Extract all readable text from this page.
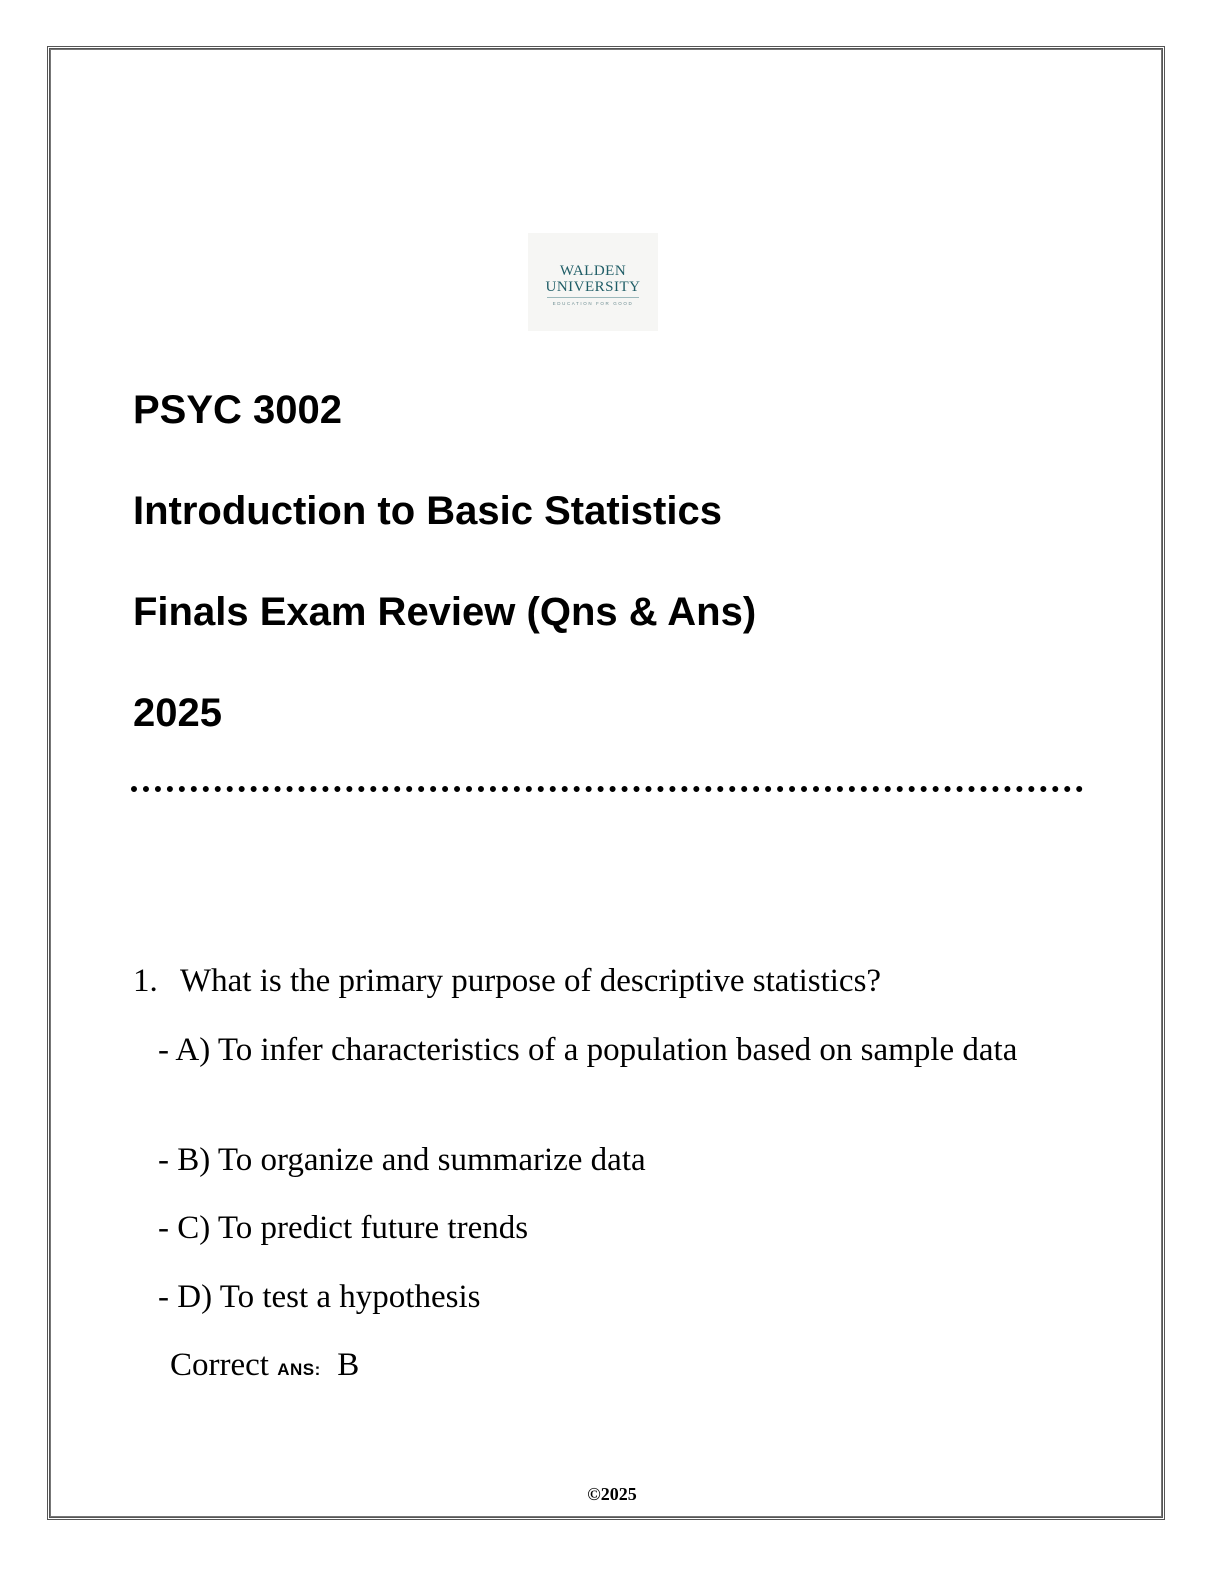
WALDEN
UNIVERSITY
EDUCATION FOR GOOD
PSYC 3002
Introduction to Basic Statistics
Finals Exam Review (Qns & Ans)
2025
1. What is the primary purpose of descriptive statistics?
- A) To infer characteristics of a population based on sample data
- B) To organize and summarize data
- C) To predict future trends
- D) To test a hypothesis
Correct ANS: B
©2025
